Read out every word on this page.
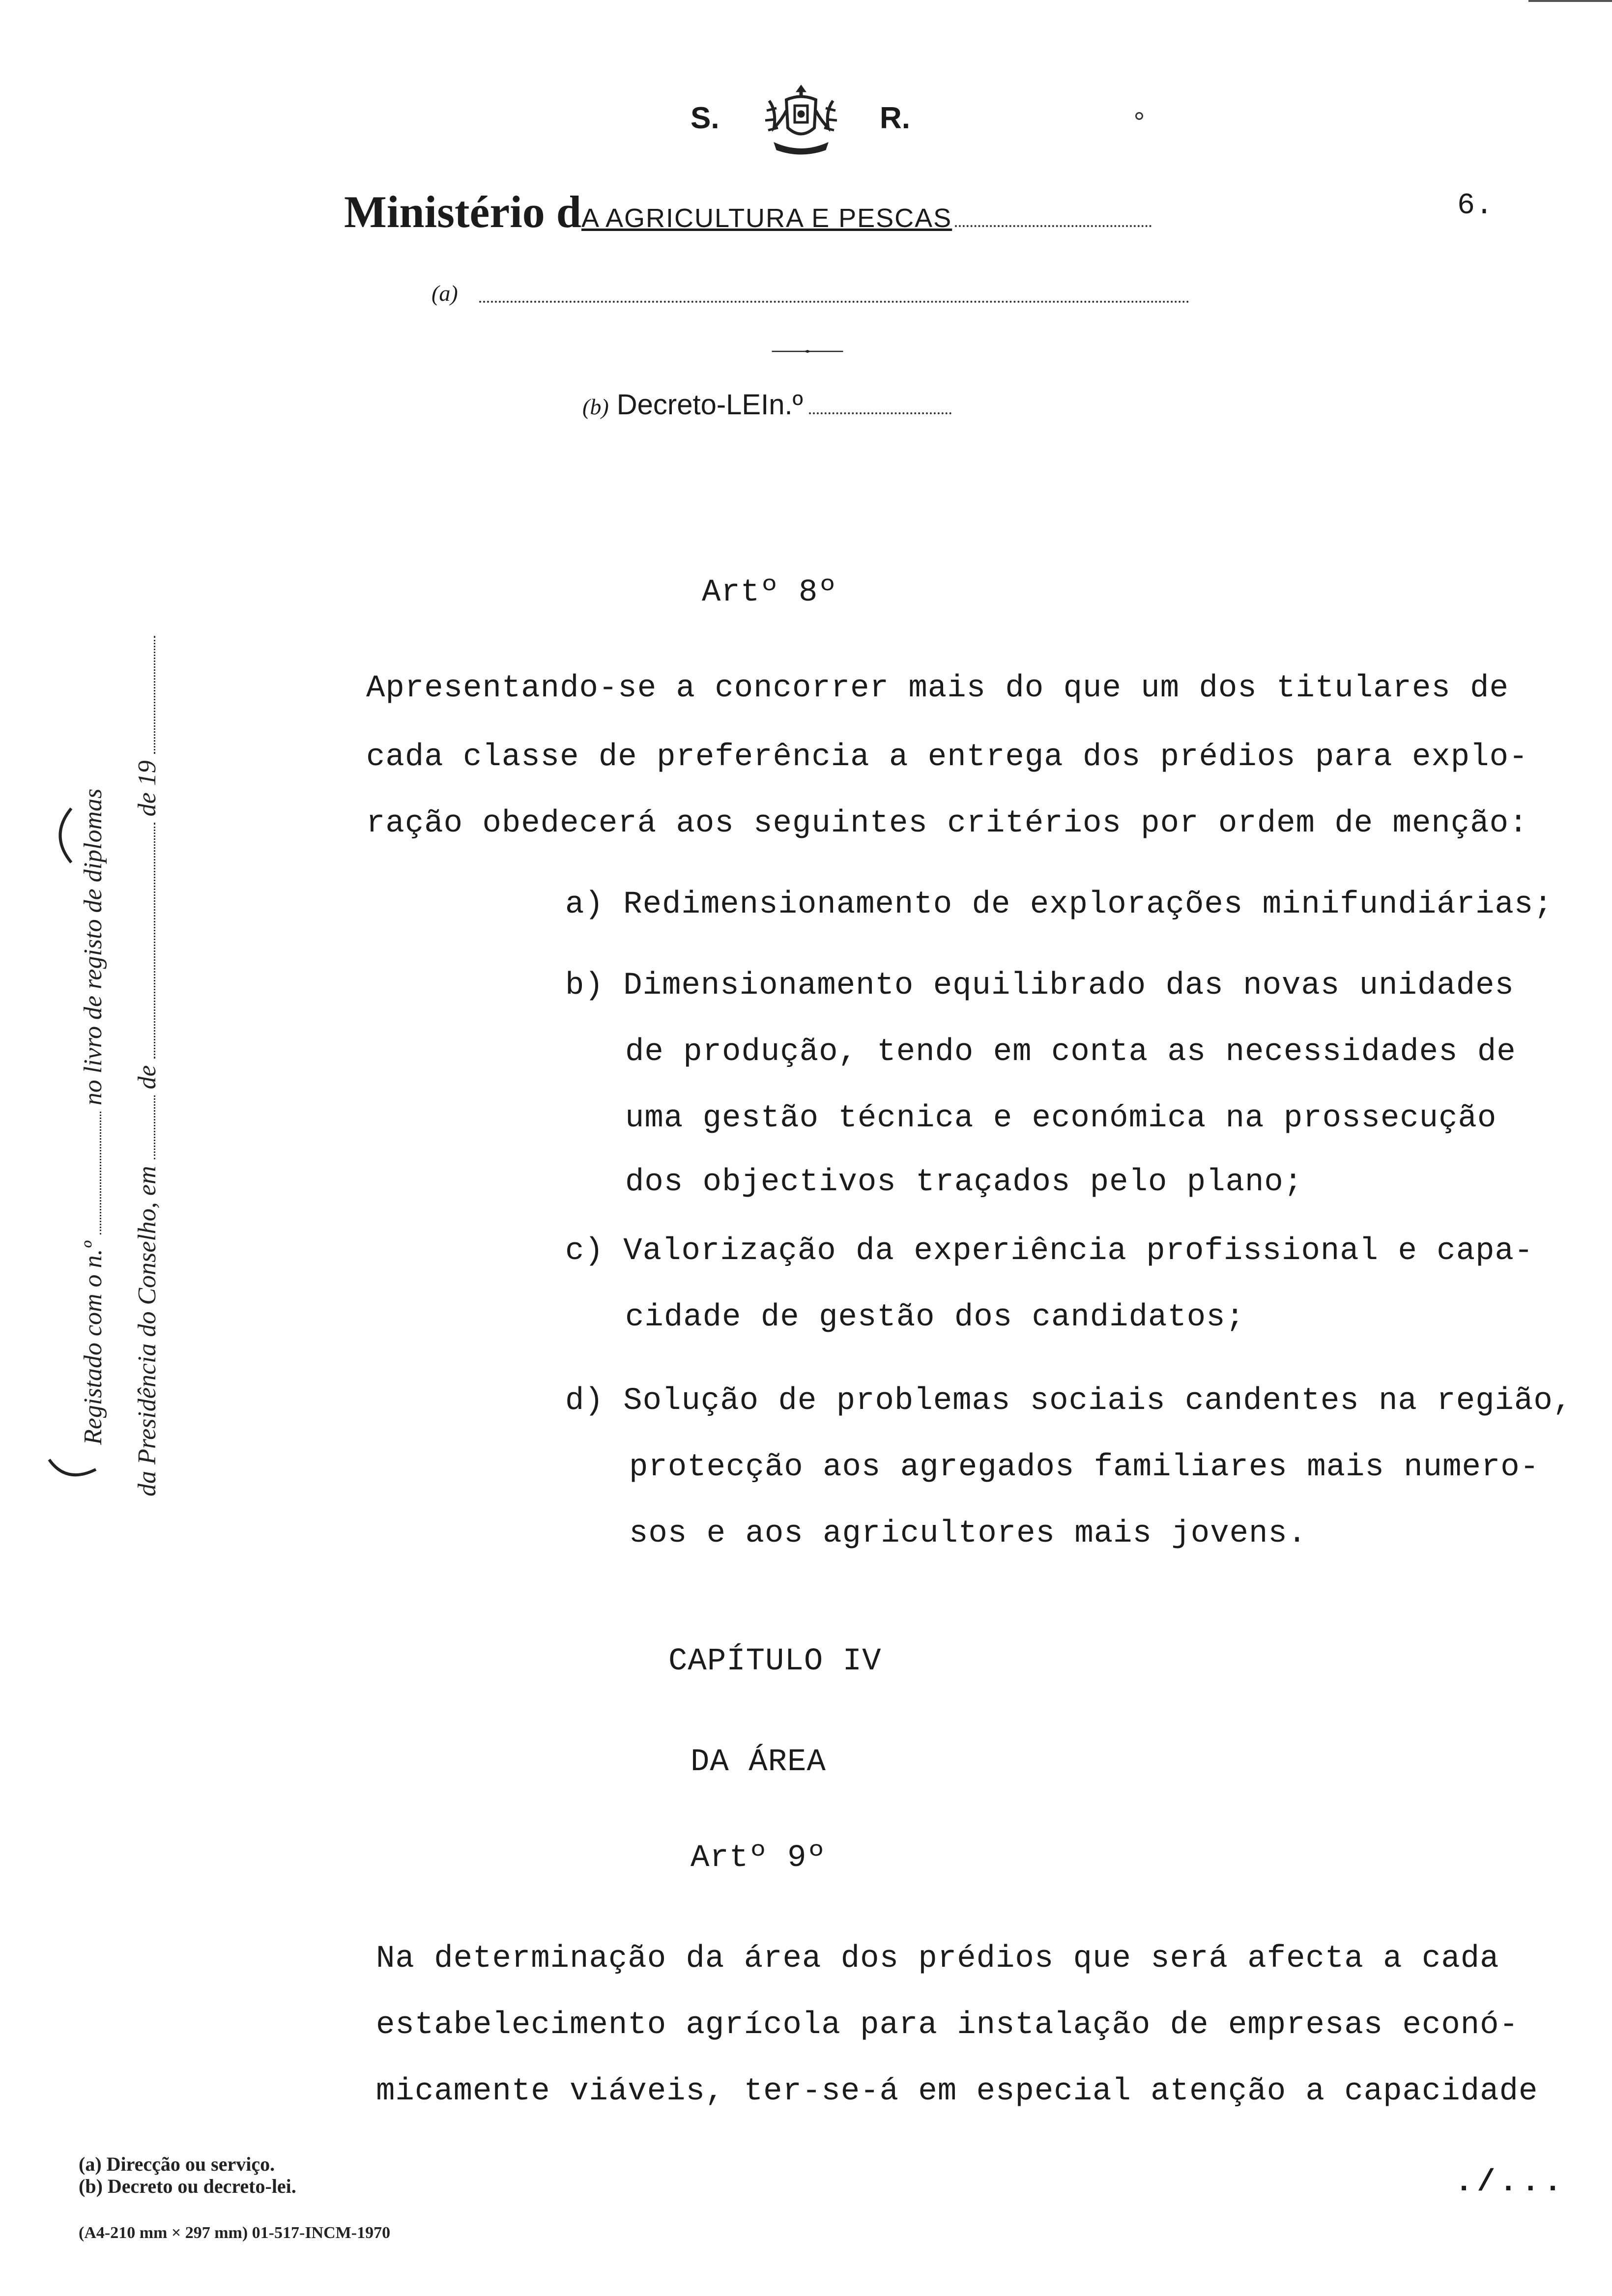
S.	R.
Ministério dA AGRICULTURA E PESCAS	6.
(a)
(b) Decreto-LEIn.º
Registado com o n.º  no livro de registo de diplomas
da Presidência do Conselho, em  de  de 19
Artº 8º
Apresentando-se a concorrer mais do que um dos titulares de
cada classe de preferência a entrega dos prédios para explo-
ração obedecerá aos seguintes critérios por ordem de menção:
a) Redimensionamento de explorações minifundiárias;
b) Dimensionamento equilibrado das novas unidades
de produção, tendo em conta as necessidades de
uma gestão técnica e económica na prossecução
dos objectivos traçados pelo plano;
c) Valorização da experiência profissional e capa-
cidade de gestão dos candidatos;
d) Solução de problemas sociais candentes na região,
protecção aos agregados familiares mais numero-
sos e aos agricultores mais jovens.
CAPÍTULO IV
DA ÁREA
Artº 9º
Na determinação da área dos prédios que será afecta a cada
estabelecimento agrícola para instalação de empresas econó-
micamente viáveis, ter-se-á em especial atenção a capacidade
(a) Direcção ou serviço.
(b) Decreto ou decreto-lei.
(A4-210 mm × 297 mm) 01-517-INCM-1970
./...
